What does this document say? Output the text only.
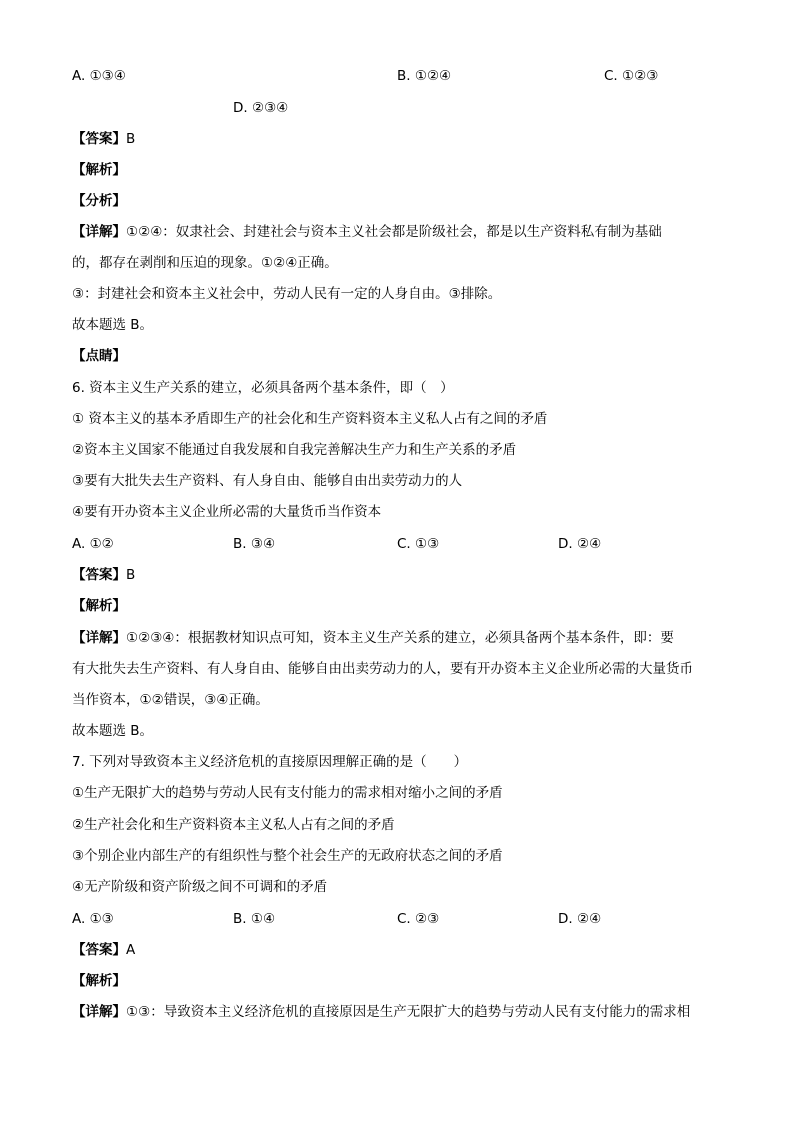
A. ①③④	B. ①②④	C. ①②③
D. ②③④
【答案】B
【解析】
【分析】
【详解】①②④：奴隶社会、封建社会与资本主义社会都是阶级社会，都是以生产资料私有制为基础
的，都存在剥削和压迫的现象。①②④正确。
③：封建社会和资本主义社会中，劳动人民有一定的人身自由。③排除。
故本题选 B。
【点睛】
6. 资本主义生产关系的建立，必须具备两个基本条件，即（　）
① 资本主义的基本矛盾即生产的社会化和生产资料资本主义私人占有之间的矛盾
②资本主义国家不能通过自我发展和自我完善解决生产力和生产关系的矛盾
③要有大批失去生产资料、有人身自由、能够自由出卖劳动力的人
④要有开办资本主义企业所必需的大量货币当作资本
A. ①②	B. ③④	C. ①③	D. ②④
【答案】B
【解析】
【详解】①②③④：根据教材知识点可知，资本主义生产关系的建立，必须具备两个基本条件，即：要
有大批失去生产资料、有人身自由、能够自由出卖劳动力的人，要有开办资本主义企业所必需的大量货币
当作资本，①②错误，③④正确。
故本题选 B。
7. 下列对导致资本主义经济危机的直接原因理解正确的是（　　）
①生产无限扩大的趋势与劳动人民有支付能力的需求相对缩小之间的矛盾
②生产社会化和生产资料资本主义私人占有之间的矛盾
③个别企业内部生产的有组织性与整个社会生产的无政府状态之间的矛盾
④无产阶级和资产阶级之间不可调和的矛盾
A. ①③	B. ①④	C. ②③	D. ②④
【答案】A
【解析】
【详解】①③：导致资本主义经济危机的直接原因是生产无限扩大的趋势与劳动人民有支付能力的需求相
